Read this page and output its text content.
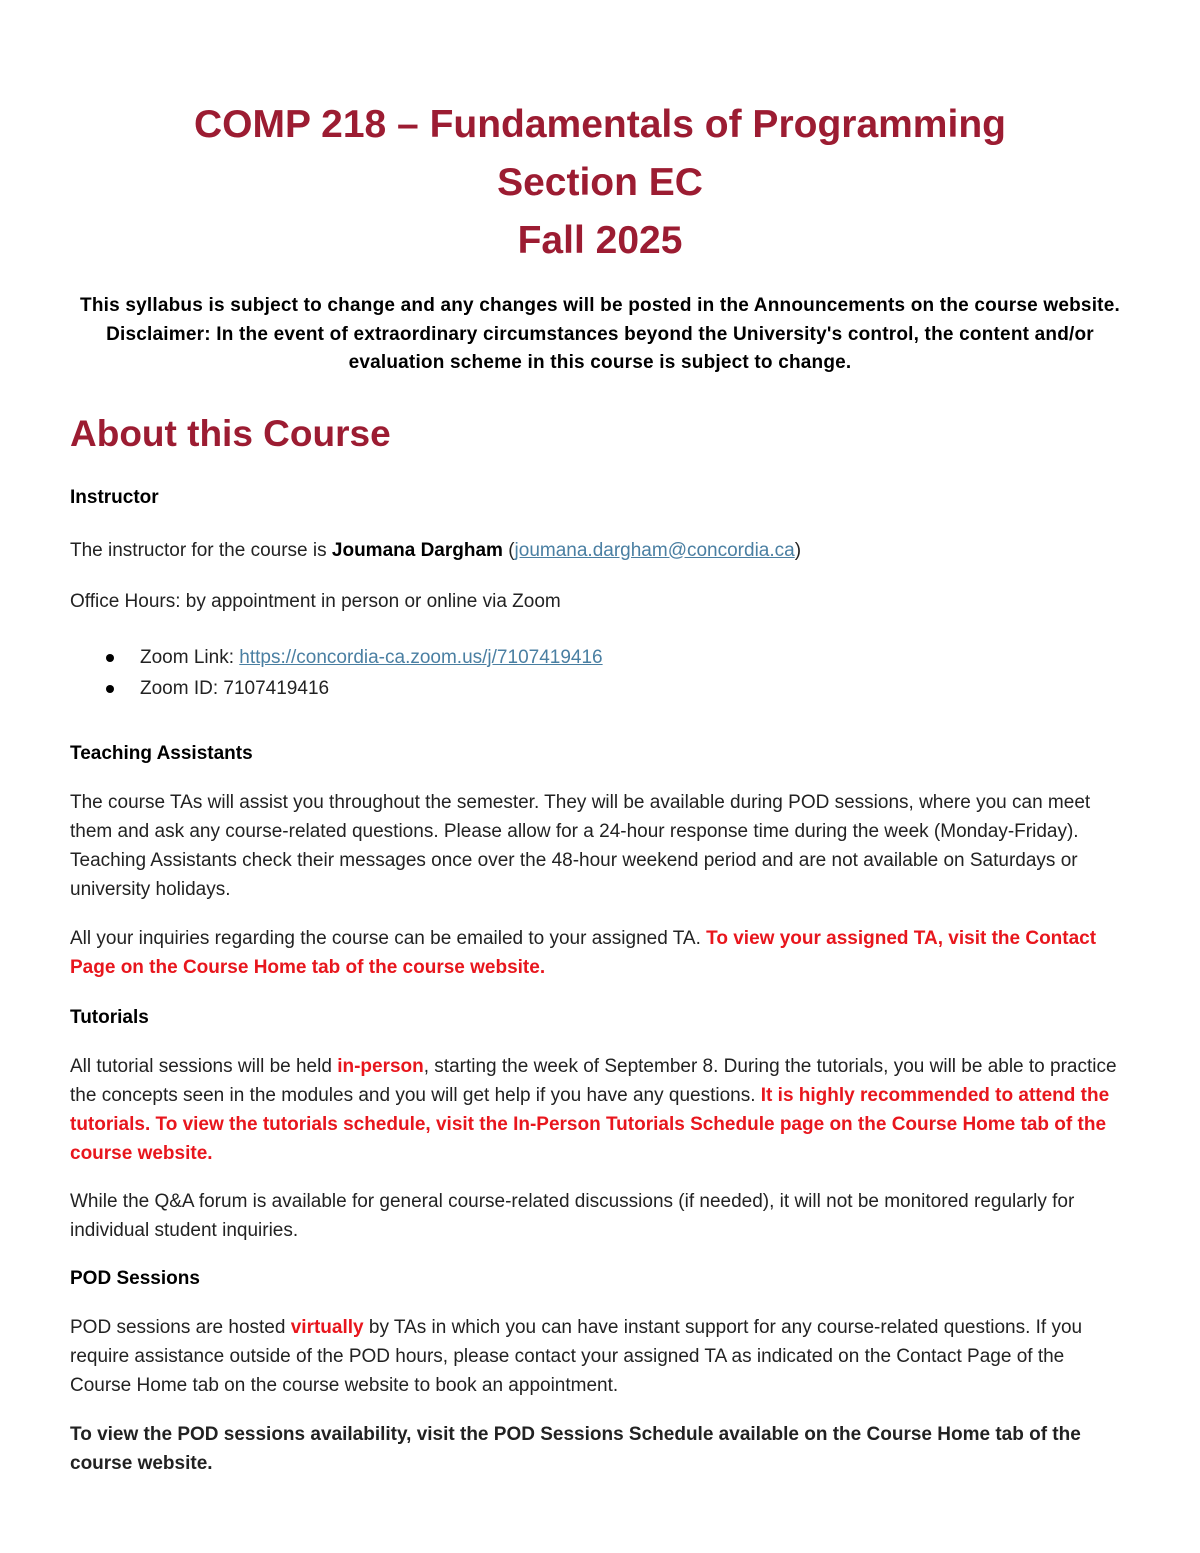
COMP 218 – Fundamentals of Programming
Section EC
Fall 2025

This syllabus is subject to change and any changes will be posted in the Announcements on the course website. Disclaimer: In the event of extraordinary circumstances beyond the University's control, the content and/or evaluation scheme in this course is subject to change.

About this Course
Instructor

The instructor for the course is Joumana Dargham (joumana.dargham@concordia.ca)

Office Hours: by appointment in person or online via Zoom

Zoom Link: https://concordia-ca.zoom.us/j/7107419416
Zoom ID: 7107419416
Teaching Assistants

The course TAs will assist you throughout the semester. They will be available during POD sessions, where you can meet them and ask any course-related questions. Please allow for a 24-hour response time during the week (Monday-Friday). Teaching Assistants check their messages once over the 48-hour weekend period and are not available on Saturdays or university holidays.

All your inquiries regarding the course can be emailed to your assigned TA. To view your assigned TA, visit the Contact Page on the Course Home tab of the course website.

Tutorials

All tutorial sessions will be held in-person, starting the week of September 8. During the tutorials, you will be able to practice the concepts seen in the modules and you will get help if you have any questions. It is highly recommended to attend the tutorials. To view the tutorials schedule, visit the In-Person Tutorials Schedule page on the Course Home tab of the course website.

While the Q&A forum is available for general course-related discussions (if needed), it will not be monitored regularly for individual student inquiries.

POD Sessions

POD sessions are hosted virtually by TAs in which you can have instant support for any course-related questions. If you require assistance outside of the POD hours, please contact your assigned TA as indicated on the Contact Page of the Course Home tab on the course website to book an appointment.

To view the POD sessions availability, visit the POD Sessions Schedule available on the Course Home tab of the course website.
